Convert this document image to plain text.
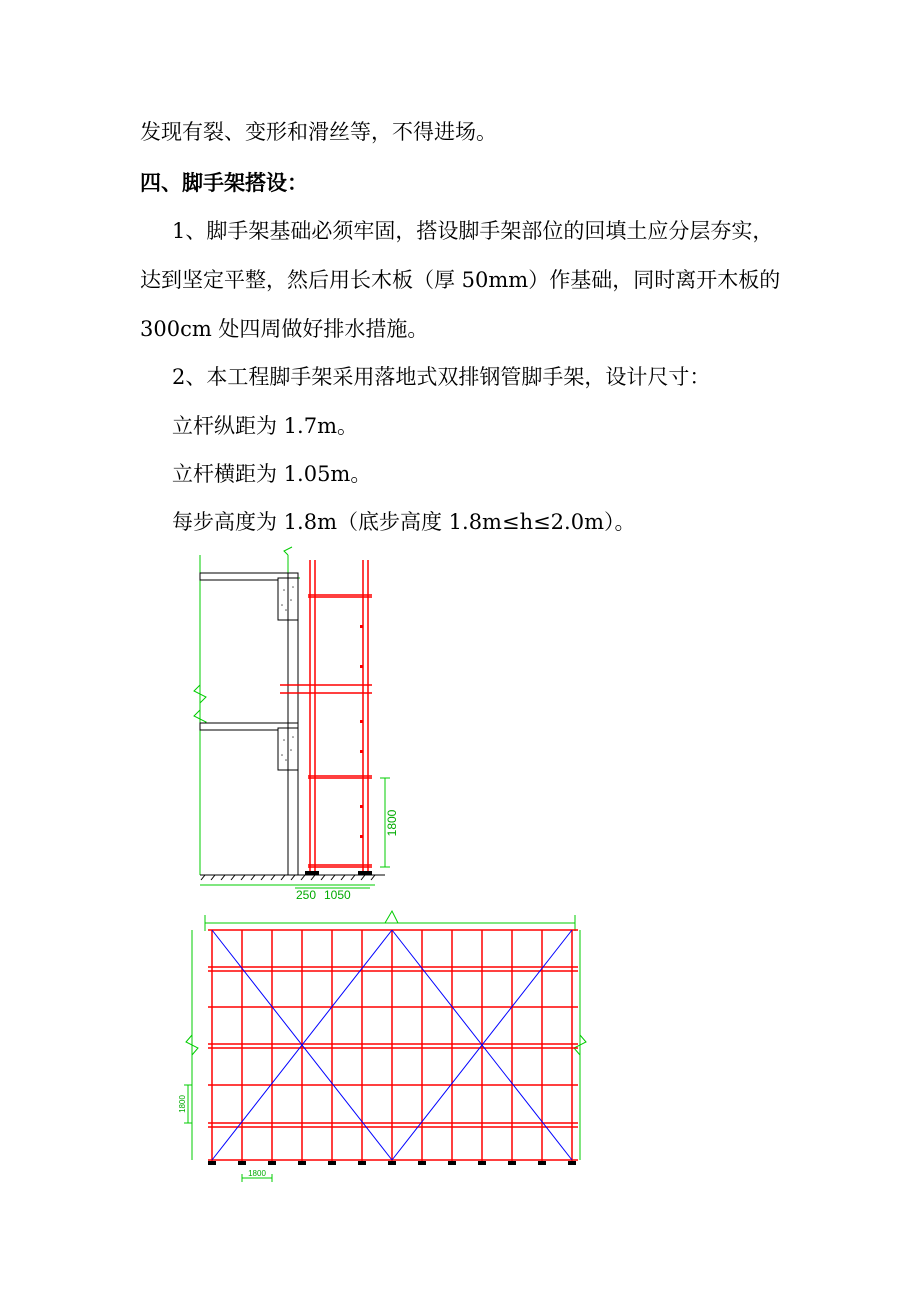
发现有裂、变形和滑丝等，不得进场。
四、脚手架搭设：
1、脚手架基础必须牢固，搭设脚手架部位的回填土应分层夯实，
达到坚定平整，然后用长木板（厚 50mm）作基础，同时离开木板的
300cm 处四周做好排水措施。
2、本工程脚手架采用落地式双排钢管脚手架，设计尺寸：
立杆纵距为 1.7m。
立杆横距为 1.05m。
每步高度为 1.8m（底步高度 1.8m≤h≤2.0m）。
1800
250 1050
1800
1800
